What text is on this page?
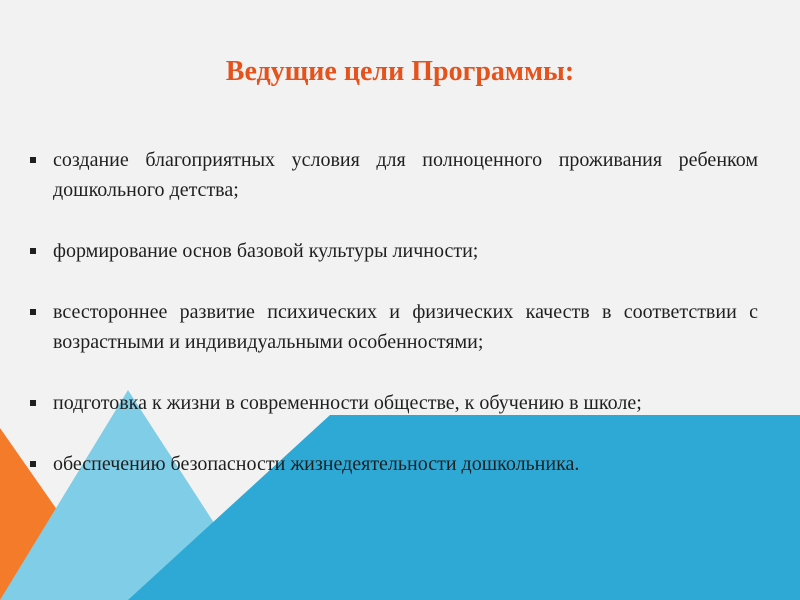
Ведущие цели Программы:
создание благоприятных условия для полноценного проживания ребенком дошкольного детства;
формирование основ базовой культуры личности;
всестороннее развитие психических и физических качеств в соответствии с возрастными и индивидуальными особенностями;
подготовка к жизни в современности обществе, к обучению в школе;
обеспечению безопасности жизнедеятельности дошкольника.
